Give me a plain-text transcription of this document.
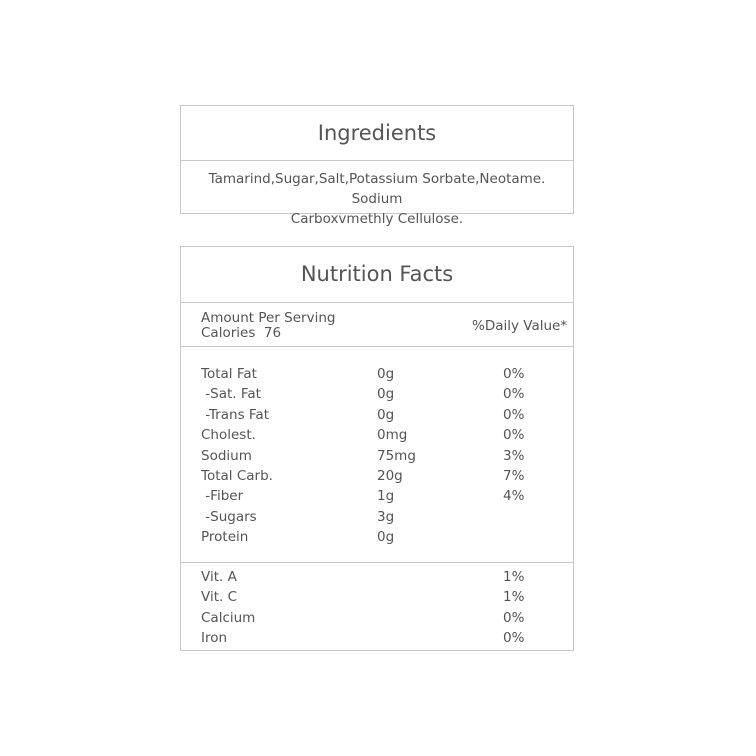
Ingredients
Tamarind,Sugar,Salt,Potassium Sorbate,Neotame. Sodium
Carboxvmethly Cellulose.
Nutrition Facts
Amount Per Serving
Calories  76	%Daily Value*
Total Fat	0g	0%
-Sat. Fat	0g	0%
-Trans Fat	0g	0%
Cholest.	0mg	0%
Sodium	75mg	3%
Total Carb.	20g	7%
-Fiber	1g	4%
-Sugars	3g
Protein	0g
Vit. A	1%
Vit. C	1%
Calcium	0%
Iron	0%
